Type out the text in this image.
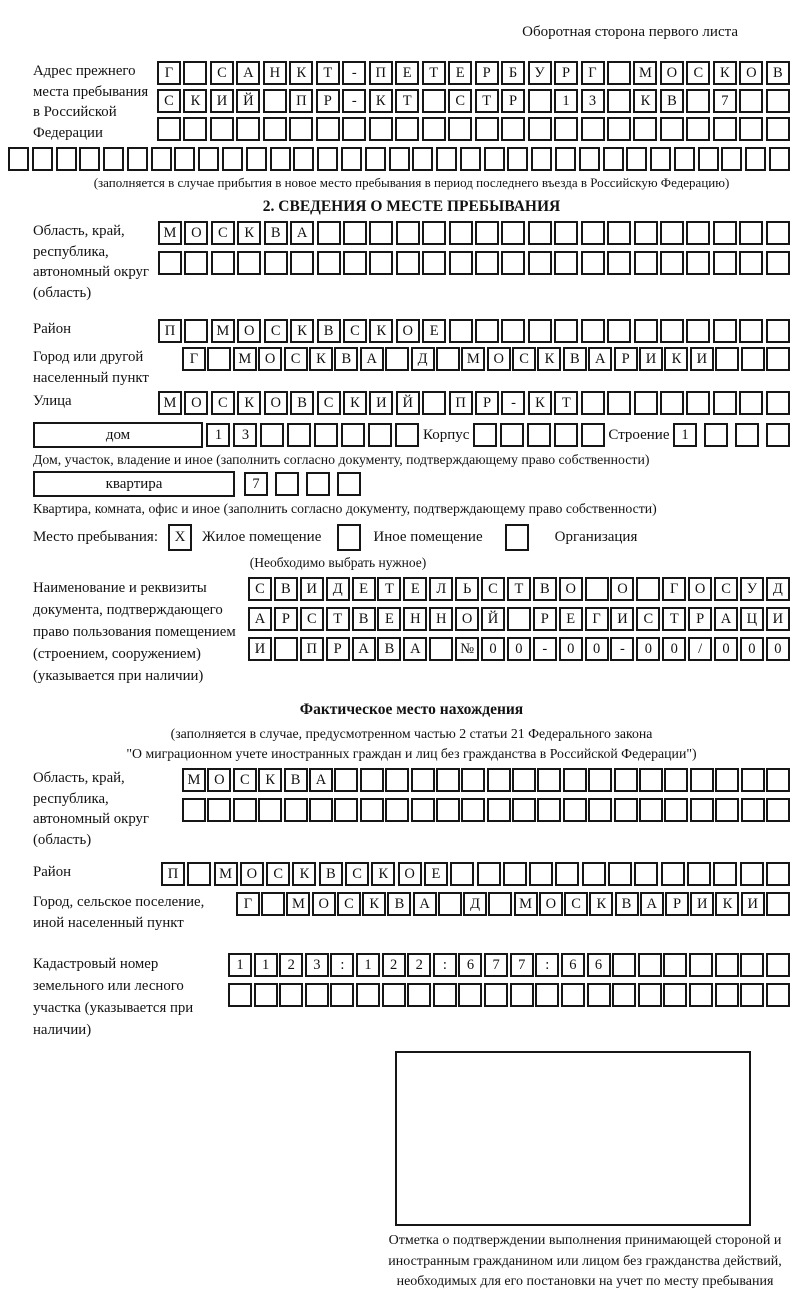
Оборотная сторона первого листа
Адрес прежнего места пребывания в Российской Федерации
Г	С	А	Н	К	Т	-	П	Е	Т	Е	Р	Б	У	Р	Г	М	О	С	К	О	В
С	К	И	Й	П	Р	-	К	Т	С	Т	Р	1	3	К	В	7
(заполняется в случае прибытия в новое место пребывания в период последнего въезда в Российскую Федерацию)
2. СВЕДЕНИЯ О МЕСТЕ ПРЕБЫВАНИЯ
Область, край, республика, автономный округ (область)
М	О	С	К	В	А
Район	П	М	О	С	К	В	С	К	О	Е
Город или другой населенный пункт
Г	М О	С	К	В	А	Д	М О	С	К	В	А	Р	И	К	И
Улица	М	О	С	К	О	В	С	К	И	Й	П	Р	-	К	Т
дом	1	3	Корпус	Строение 1
Дом, участок, владение и иное (заполнить согласно документу, подтверждающему право собственности)
квартира	7
Квартира, комната, офис и иное (заполнить согласно документу, подтверждающему право собственности)
Место пребывания:	X	Жилое помещение	Иное помещение	Организация
(Необходимо выбрать нужное)
Наименование и реквизиты документа, подтверждающего право пользования помещением (строением, сооружением) (указывается при наличии)
С	В	И	Д	Е	Т	Е	Л	Ь	С	Т	В	О	О	Г	О	С	У	Д
А	Р	С	Т	В	Е	Н	Н	О	Й	Р	Е	Г	И	С	Т	Р	А	Ц	И
И	П	Р	А	В	А	№	0	0	-	0	0	-	0	0	/	0	0	0
Фактическое место нахождения
(заполняется в случае, предусмотренном частью 2 статьи 21 Федерального закона
"О миграционном учете иностранных граждан и лиц без гражданства в Российской Федерации")
Область, край, республика, автономный округ (область)
М О	С	К	В	А
Район	П	М	О	С	К	В	С	К	О	Е
Город, сельское поселение, иной населенный пункт
Г	М О	С	К	В	А	Д	М О	С	К	В	А	Р	И	К	И
Кадастровый номер земельного или лесного участка (указывается при наличии)
1	1	2	3	:	1	2	2	:	6	7	7	:	6	6
Отметка о подтверждении выполнения принимающей стороной и иностранным гражданином или лицом без гражданства действий, необходимых для его постановки на учет по месту пребывания
